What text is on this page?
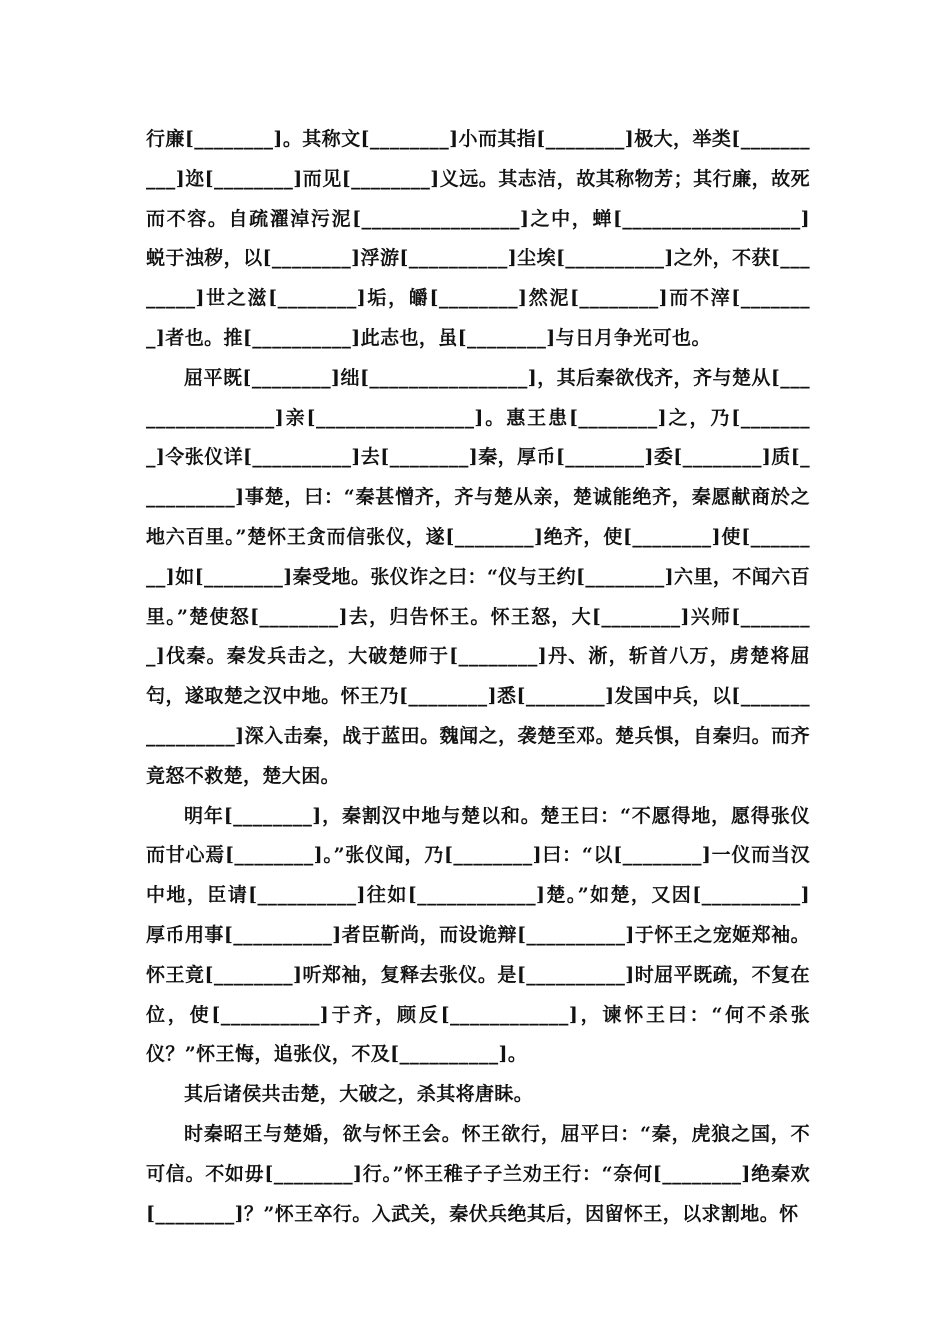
行廉[________]。其称文[________]小而其指[________]极大，举类[__________]迩[________]而见[________]义远。其志洁，故其称物芳；其行廉，故死而不容。自疏濯淖污泥[________________]之中，蝉[__________________]蜕于浊秽，以[________]浮游[__________]尘埃[__________]之外，不获[________]世之滋[________]垢，皭[________]然泥[________]而不滓[________]者也。推[__________]此志也，虽[________]与日月争光可也。

屈平既[________]绌[________________]，其后秦欲伐齐，齐与楚从[________________]亲[________________]。惠王患[________]之，乃[________]令张仪详[__________]去[________]秦，厚币[________]委[________]质[__________]事楚，曰：“秦甚憎齐，齐与楚从亲，楚诚能绝齐，秦愿献商於之地六百里。”楚怀王贪而信张仪，遂[________]绝齐，使[________]使[________]如[________]秦受地。张仪诈之曰：“仪与王约[________]六里，不闻六百里。”楚使怒[________]去，归告怀王。怀王怒，大[________]兴师[________]伐秦。秦发兵击之，大破楚师于[________]丹、淅，斩首八万，虏楚将屈匄，遂取楚之汉中地。怀王乃[________]悉[________]发国中兵，以[________________]深入击秦，战于蓝田。魏闻之，袭楚至邓。楚兵惧，自秦归。而齐竟怒不救楚，楚大困。

明年[________]，秦割汉中地与楚以和。楚王曰：“不愿得地，愿得张仪而甘心焉[________]。”张仪闻，乃[________]曰：“以[________]一仪而当汉中地，臣请[__________]往如[____________]楚。”如楚，又因[__________]厚币用事[__________]者臣靳尚，而设诡辩[__________]于怀王之宠姬郑袖。怀王竟[________]听郑袖，复释去张仪。是[__________]时屈平既疏，不复在位，使[__________]于齐，顾反[____________]，谏怀王曰：“何不杀张仪？”怀王悔，追张仪，不及[__________]。

其后诸侯共击楚，大破之，杀其将唐眛。

时秦昭王与楚婚，欲与怀王会。怀王欲行，屈平曰：“秦，虎狼之国，不可信。不如毋[________]行。”怀王稚子子兰劝王行：“奈何[________]绝秦欢[________]？”怀王卒行。入武关，秦伏兵绝其后，因留怀王，以求割地。怀
